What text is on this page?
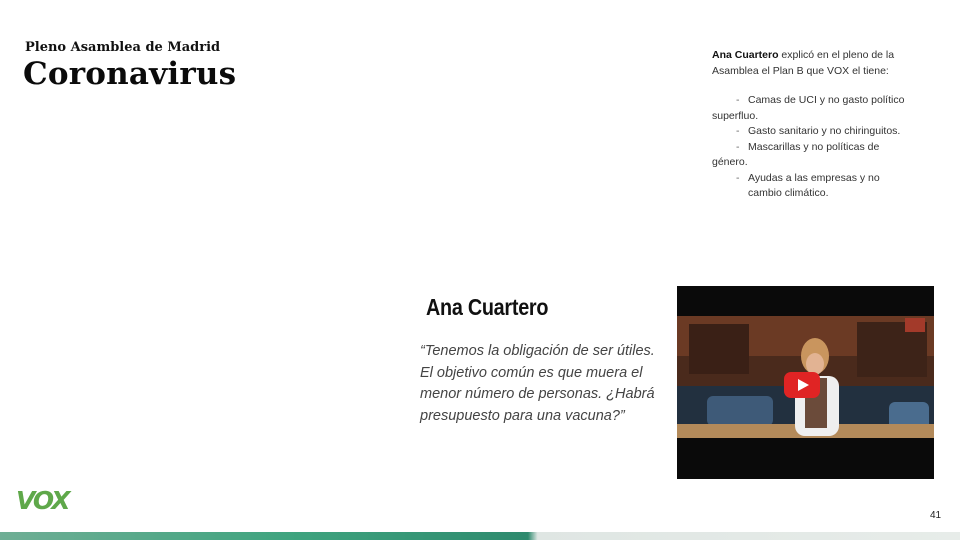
Pleno Asamblea de Madrid
Coronavirus
Ana Cuartero explicó en el pleno de la Asamblea el Plan B que VOX el tiene:
- Camas de UCI y no gasto político superfluo.
- Gasto sanitario y no chiringuitos.
- Mascarillas y no políticas de género.
- Ayudas a las empresas y no cambio climático.
Ana Cuartero
“Tenemos la obligación de ser útiles. El objetivo común es que muera el menor número de personas. ¿Habrá presupuesto para una vacuna?”
VOX
41
